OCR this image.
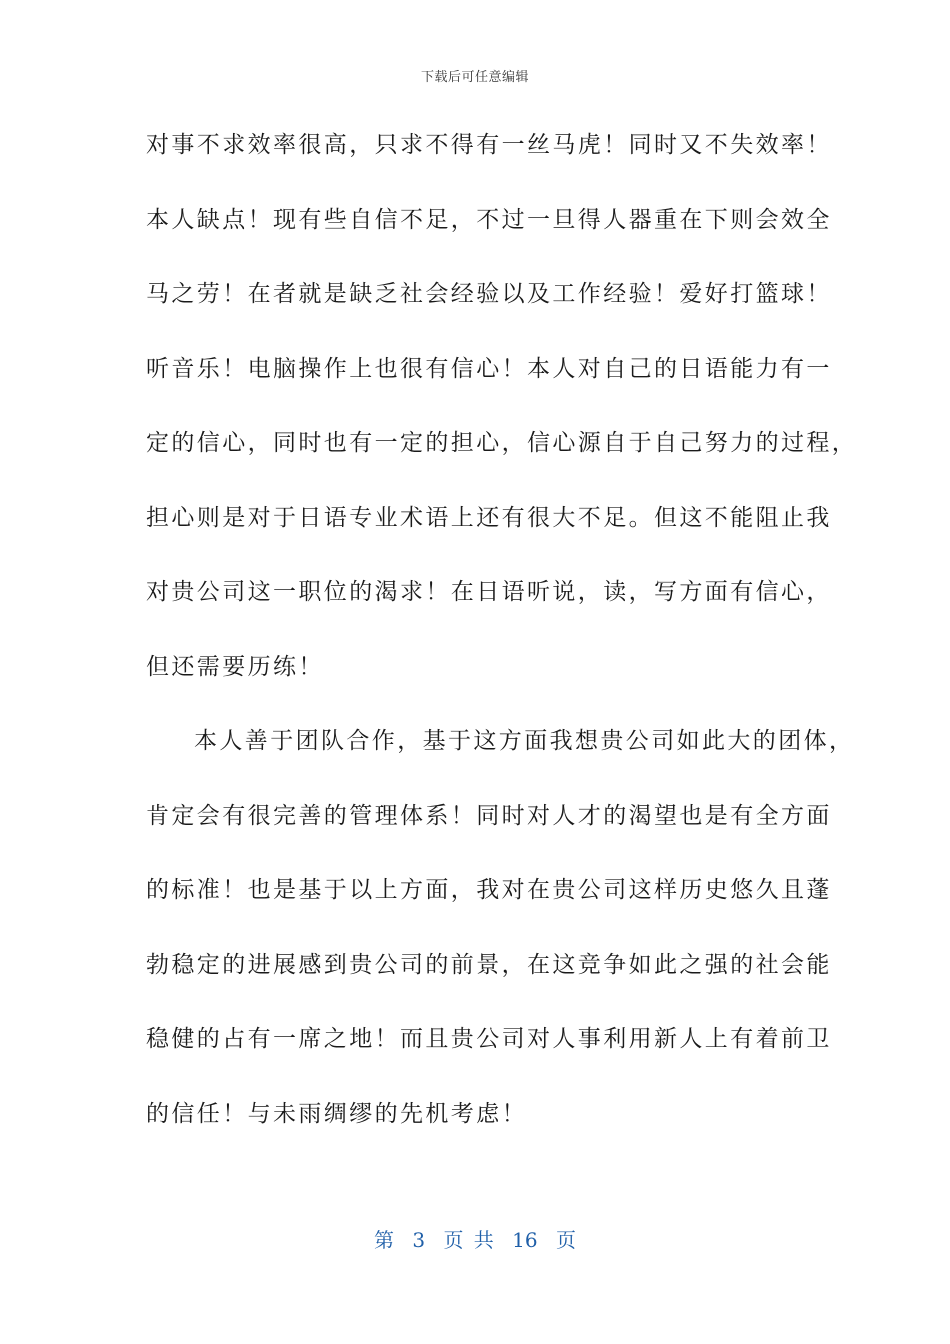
下载后可任意编辑
对事不求效率很高，只求不得有一丝马虎！同时又不失效率！
本人缺点！现有些自信不足，不过一旦得人器重在下则会效全
马之劳！在者就是缺乏社会经验以及工作经验！爱好打篮球！
听音乐！电脑操作上也很有信心！本人对自己的日语能力有一
定的信心，同时也有一定的担心，信心源自于自己努力的过程，
担心则是对于日语专业术语上还有很大不足。但这不能阻止我
对贵公司这一职位的渴求！在日语听说，读，写方面有信心，
但还需要历练！
本人善于团队合作，基于这方面我想贵公司如此大的团体，
肯定会有很完善的管理体系！同时对人才的渴望也是有全方面
的标准！也是基于以上方面，我对在贵公司这样历史悠久且蓬
勃稳定的进展感到贵公司的前景，在这竞争如此之强的社会能
稳健的占有一席之地！而且贵公司对人事利用新人上有着前卫
的信任！与未雨绸缪的先机考虑！
第 3 页 共 16 页
